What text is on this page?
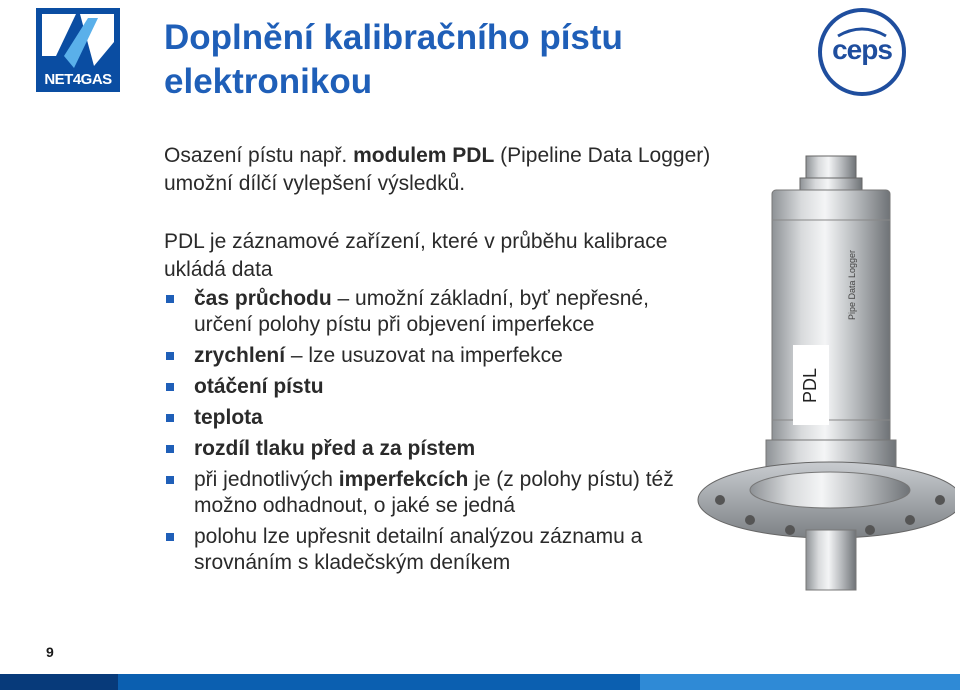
NET4GAS
Doplnění kalibračního pístu
elektronikou
ceps
Osazení pístu např. modulem PDL (Pipeline Data Logger) umožní dílčí vylepšení výsledků.
PDL je záznamové zařízení, které v průběhu kalibrace ukládá data
čas průchodu – umožní základní, byť nepřesné, určení polohy pístu při objevení imperfekce
zrychlení – lze usuzovat na imperfekce
otáčení pístu
teplota
rozdíl tlaku před a za pístem
při jednotlivých imperfekcích je (z polohy pístu) též možno odhadnout, o jaké se jedná
polohu lze upřesnit detailní analýzou záznamu a srovnáním s kladečským deníkem
Pipe Data Logger
PDL
9
